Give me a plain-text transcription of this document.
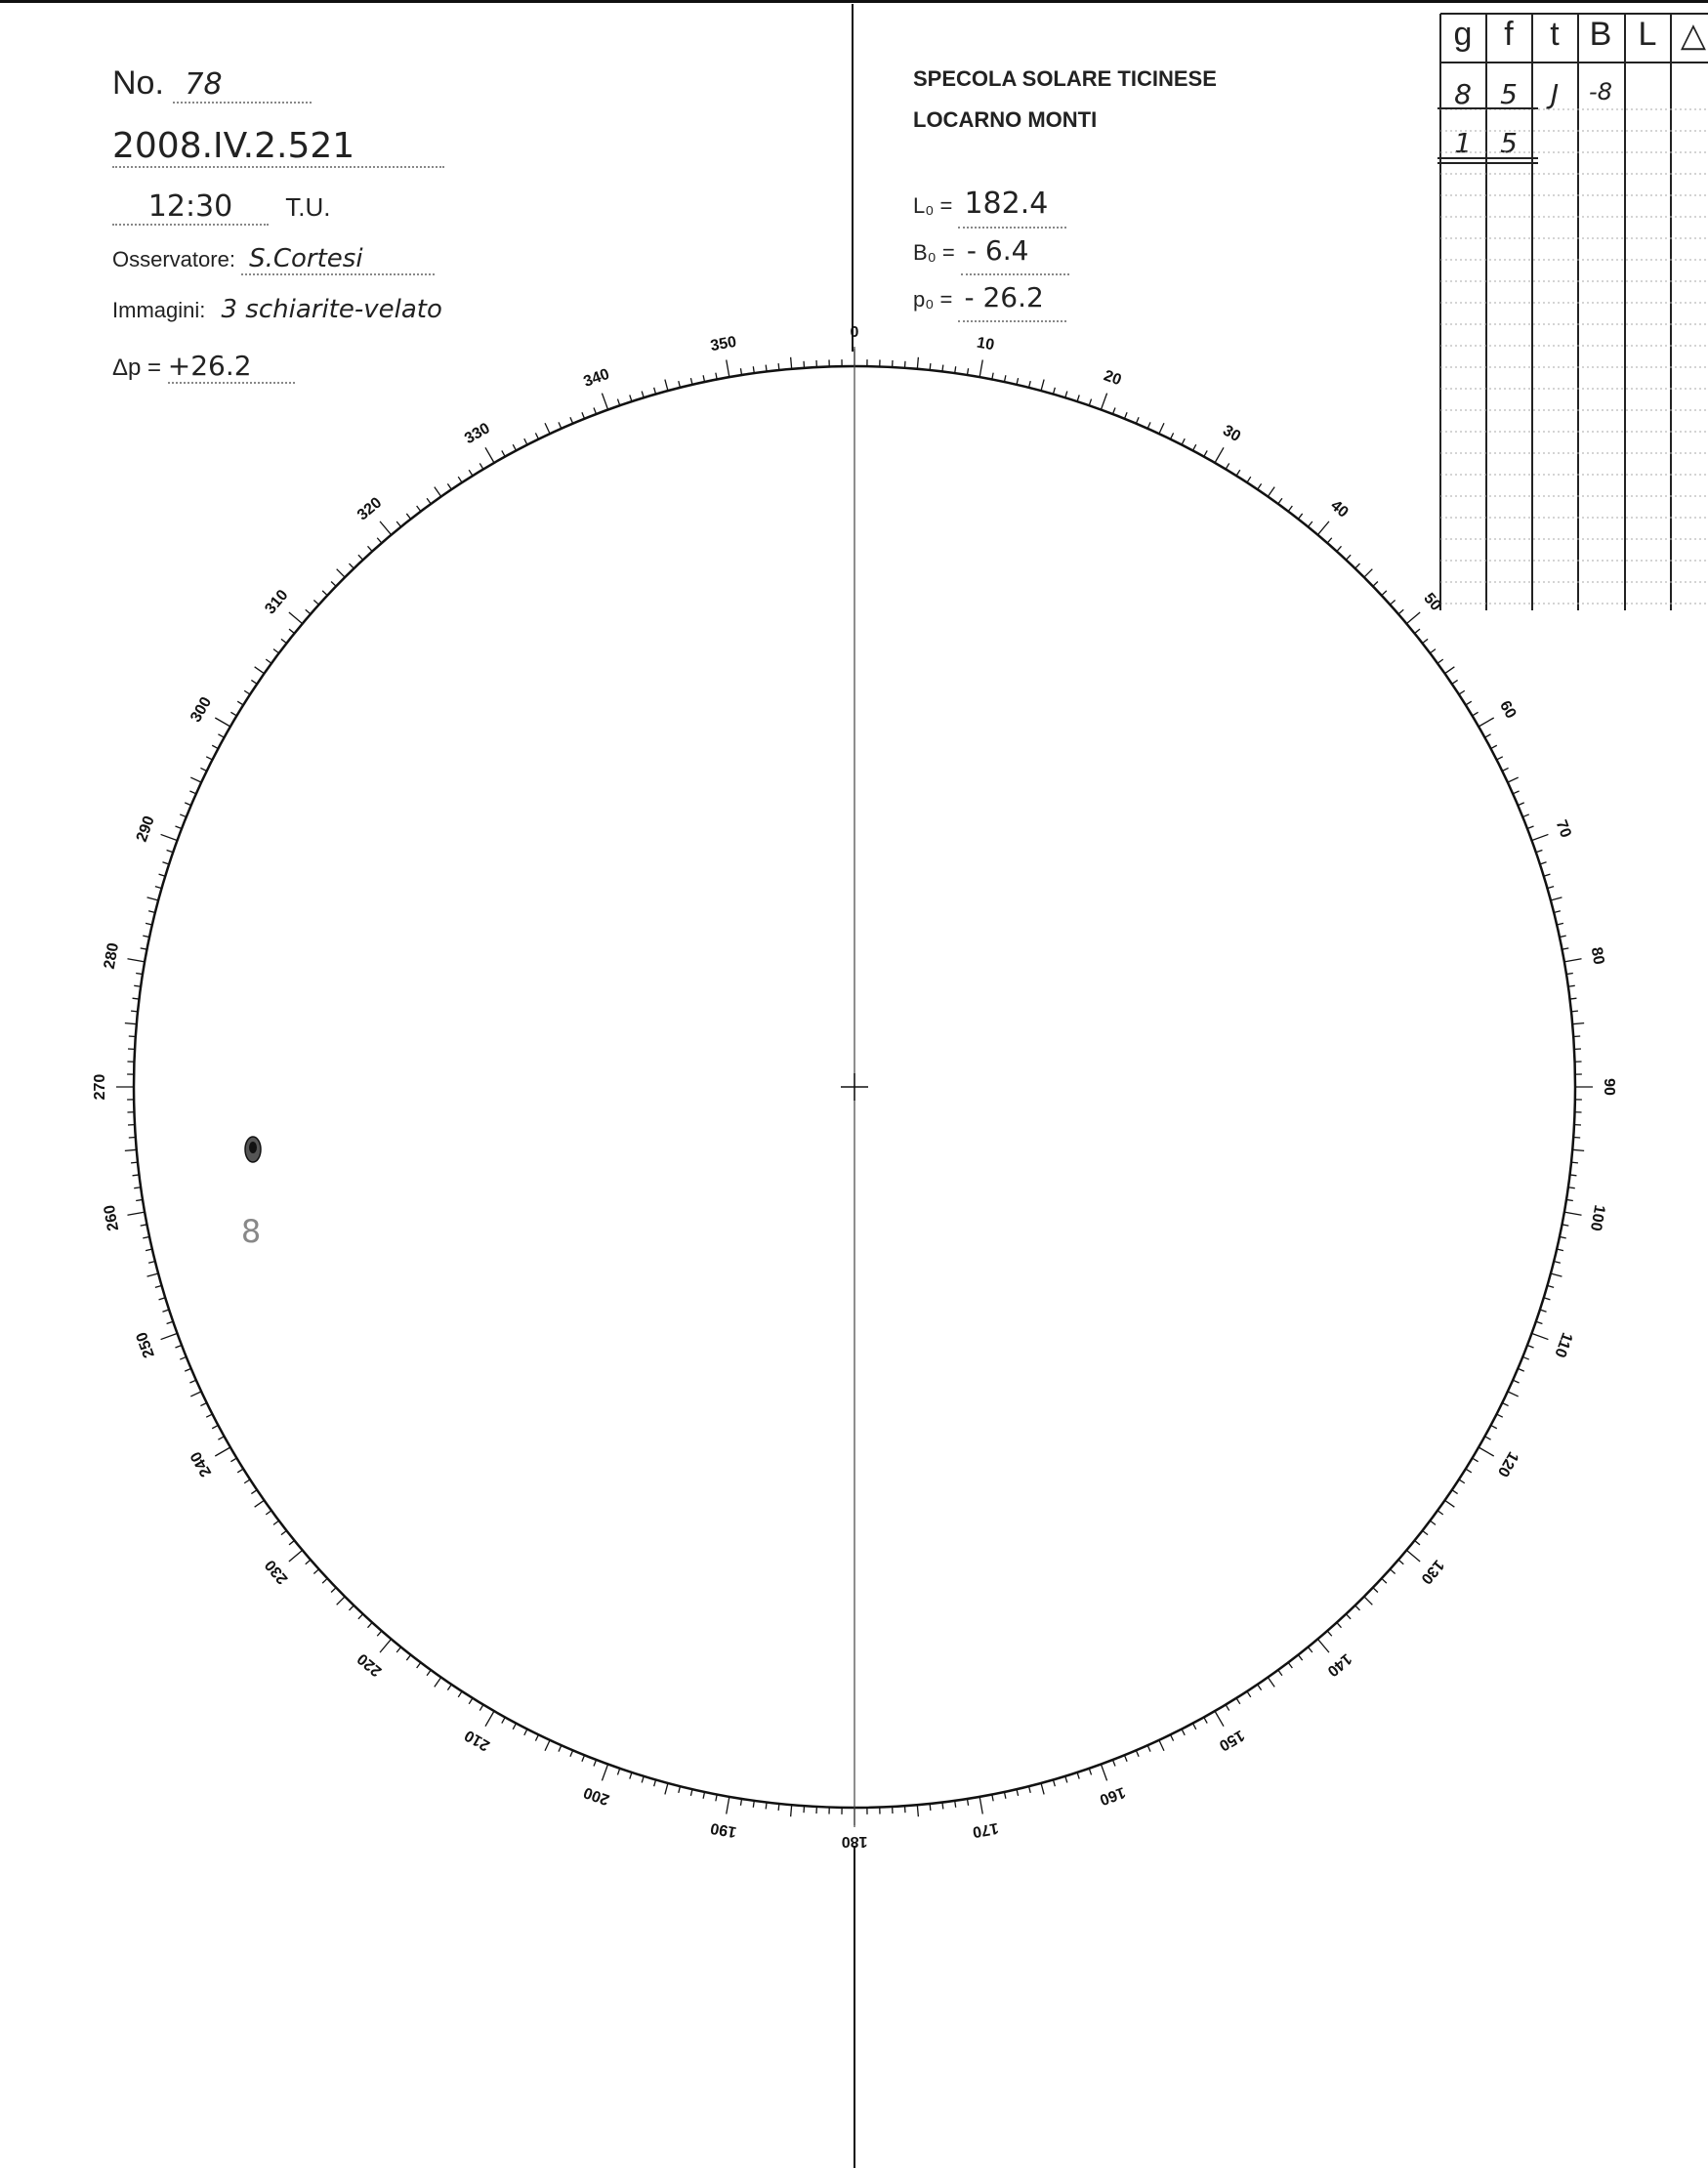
No. 78
2008.IV.2.521
12:30 T.U.
Osservatore: S.Cortesi
Immagini: 3 schiarite-velato
Δp = +26.2
SPECOLA SOLARE TICINESE
LOCARNO MONTI
L₀ = 182.4
B₀ = - 6.4
p₀ = - 26.2
g f	t B L △
8	5	J	-8
1	5
0
10
20
30
40
50
60
70
80
90
100
110
120
130
140
150
160
170
180
190
200
210
220
230
240
250
260
270
280
290
300
310
320
330
340
350
8
